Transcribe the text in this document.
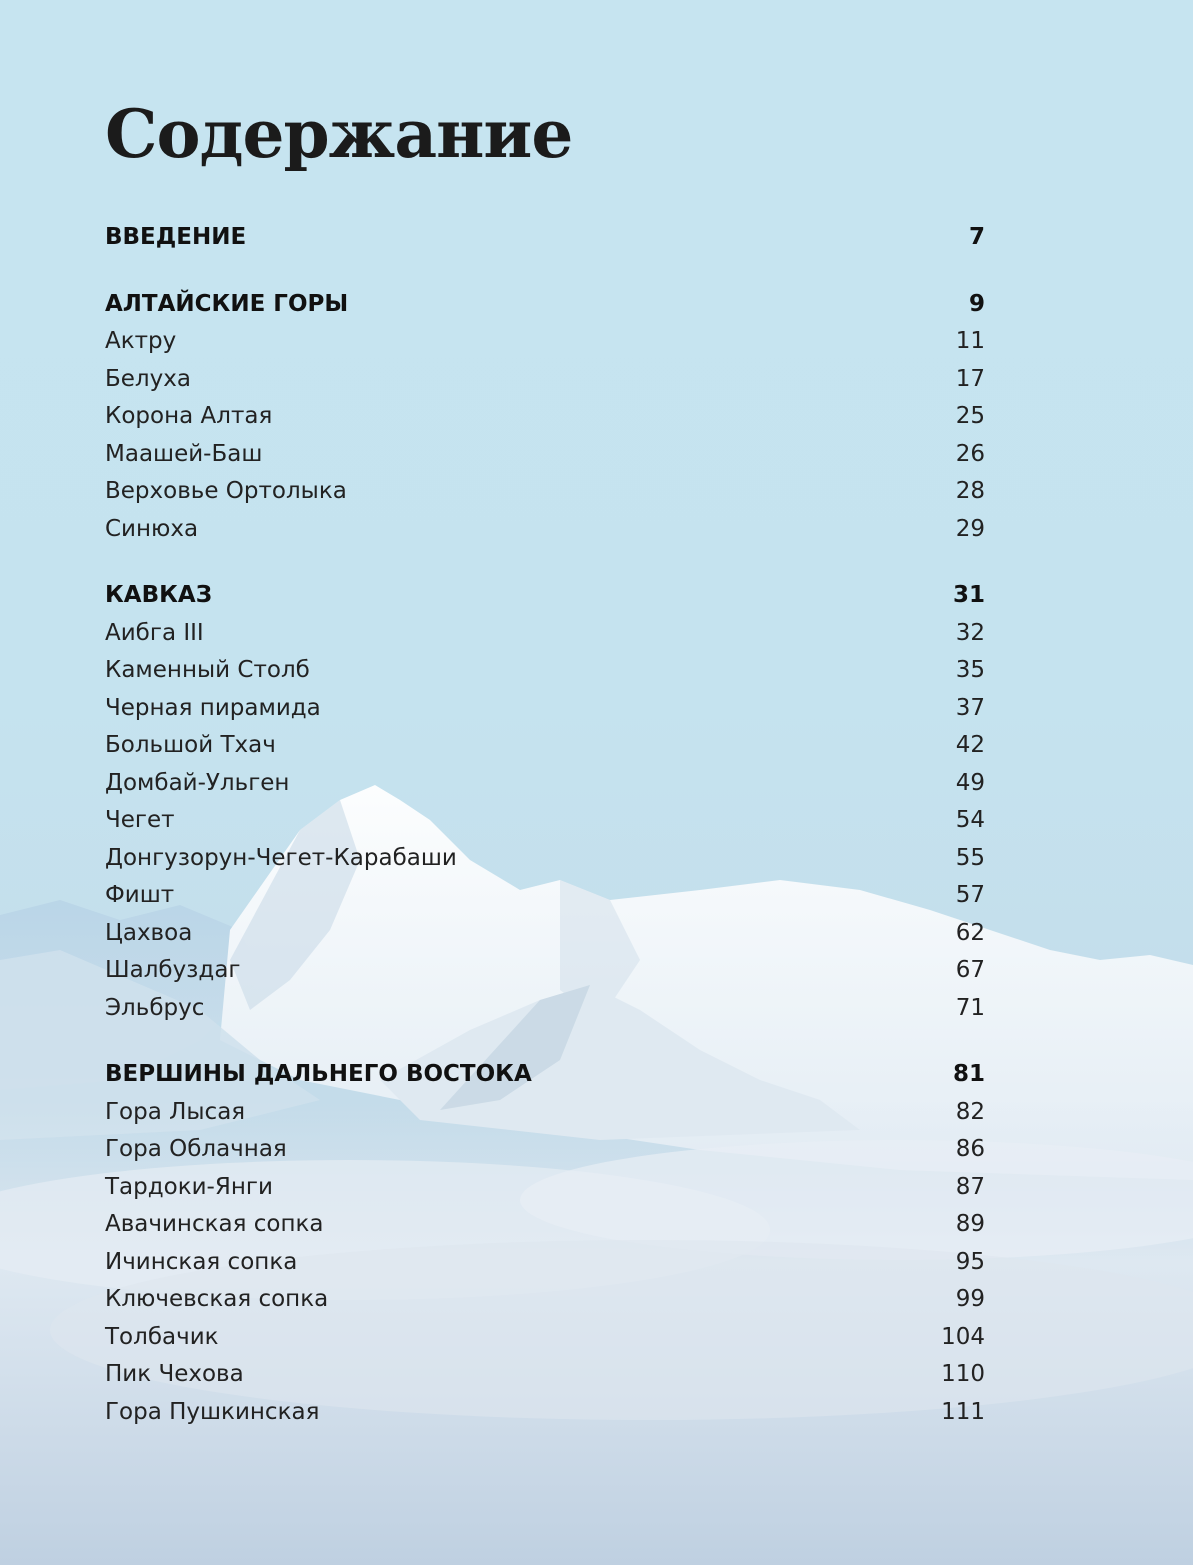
Содержание
ВВЕДЕНИЕ	7
АЛТАЙСКИЕ ГОРЫ	9
Актру	11
Белуха	17
Корона Алтая	25
Маашей-Баш	26
Верховье Ортолыка	28
Синюха	29
КАВКАЗ	31
Аибга III	32
Каменный Столб	35
Черная пирамида	37
Большой Тхач	42
Домбай-Ульген	49
Чегет	54
Донгузорун-Чегет-Карабаши	55
Фишт	57
Цахвоа	62
Шалбуздаг	67
Эльбрус	71
ВЕРШИНЫ ДАЛЬНЕГО ВОСТОКА	81
Гора Лысая	82
Гора Облачная	86
Тардоки-Янги	87
Авачинская сопка	89
Ичинская сопка	95
Ключевская сопка	99
Толбачик	104
Пик Чехова	110
Гора Пушкинская	111
